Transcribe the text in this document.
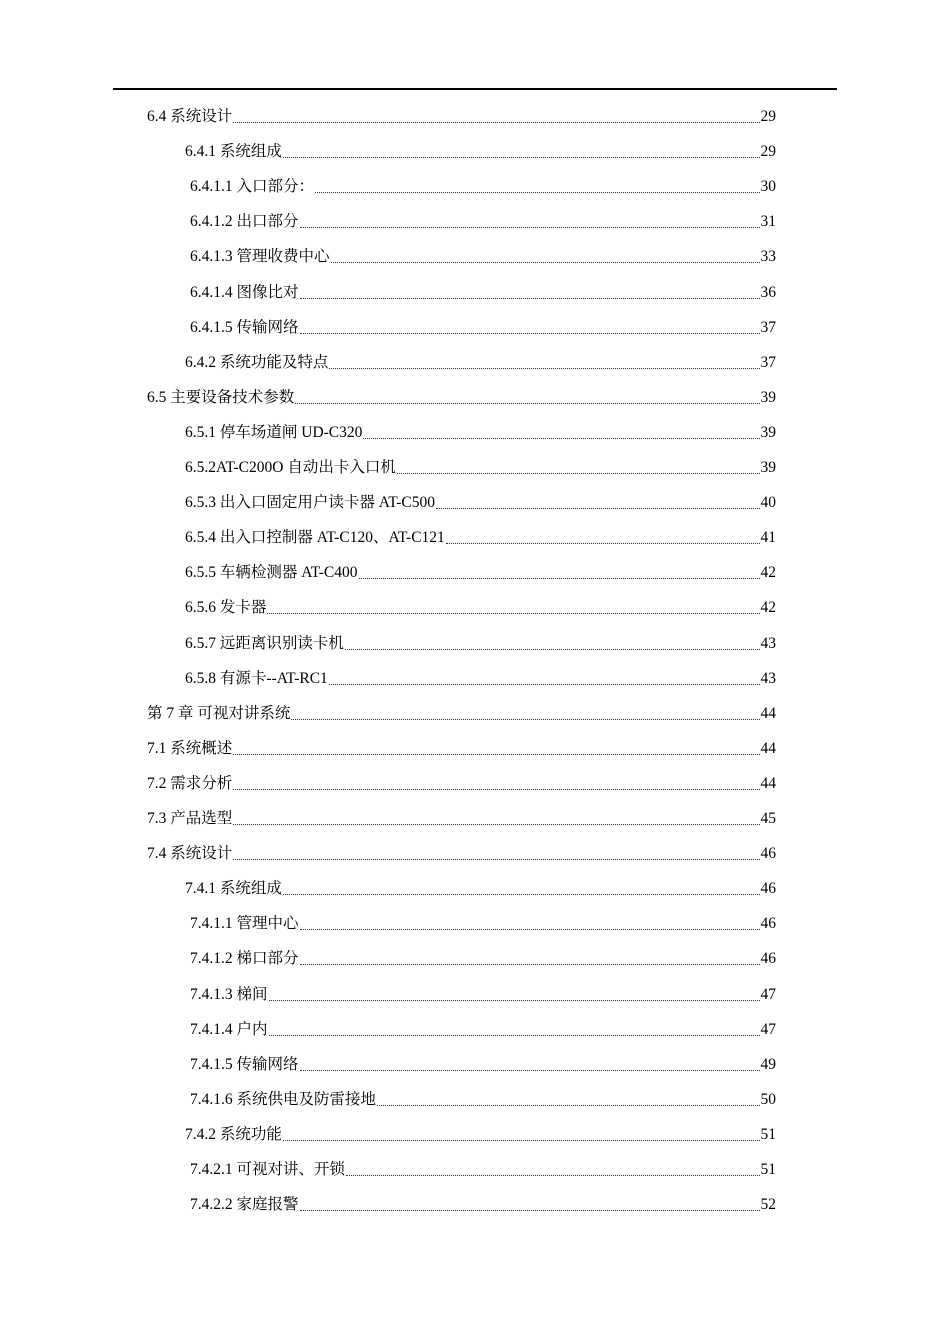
6.4 系统设计	29
6.4.1 系统组成	29
6.4.1.1 入口部分：	30
6.4.1.2 出口部分	31
6.4.1.3 管理收费中心	33
6.4.1.4 图像比对	36
6.4.1.5 传输网络	37
6.4.2 系统功能及特点	37
6.5 主要设备技术参数	39
6.5.1 停车场道闸 UD-C320	39
6.5.2AT-C200O 自动出卡入口机	39
6.5.3 出入口固定用户读卡器 AT-C500	40
6.5.4 出入口控制器 AT-C120、AT-C121	41
6.5.5 车辆检测器 AT-C400	42
6.5.6 发卡器	42
6.5.7 远距离识别读卡机	43
6.5.8 有源卡--AT-RC1	43
第 7 章 可视对讲系统	44
7.1 系统概述	44
7.2 需求分析	44
7.3 产品选型	45
7.4 系统设计	46
7.4.1 系统组成	46
7.4.1.1 管理中心	46
7.4.1.2 梯口部分	46
7.4.1.3 梯间	47
7.4.1.4 户内	47
7.4.1.5 传输网络	49
7.4.1.6 系统供电及防雷接地	50
7.4.2 系统功能	51
7.4.2.1 可视对讲、开锁	51
7.4.2.2 家庭报警	52
